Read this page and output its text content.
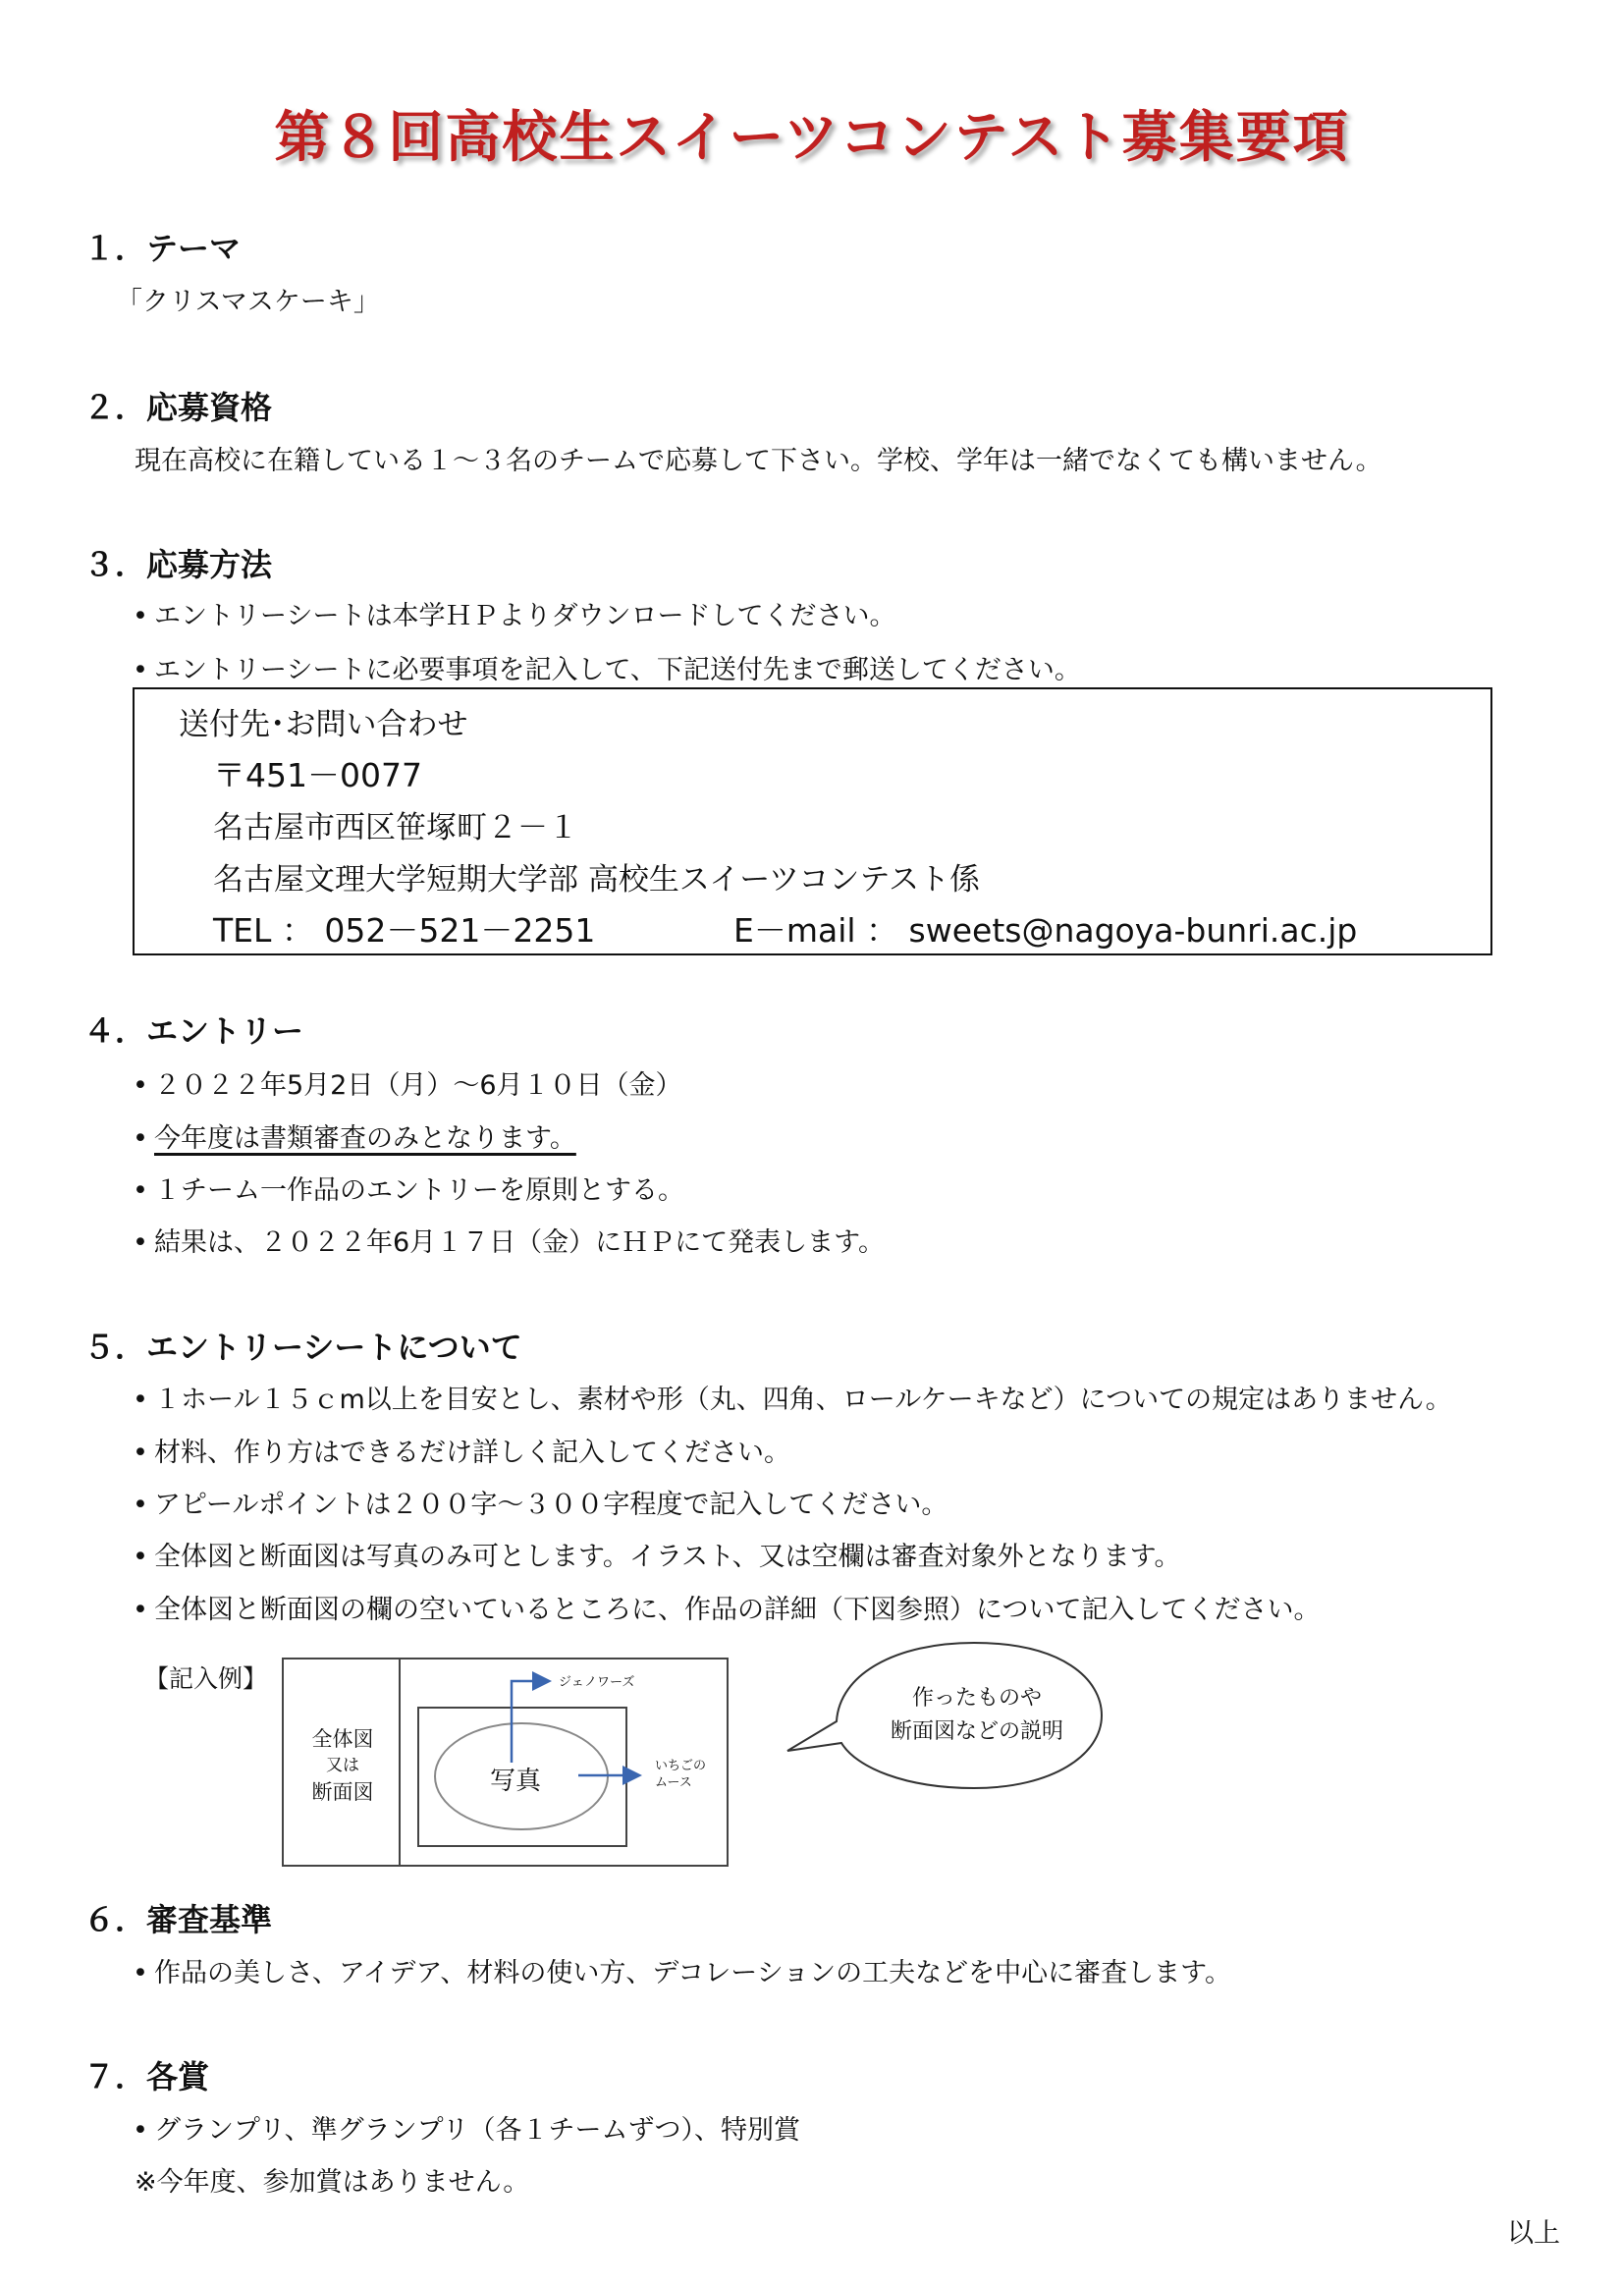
第８回高校生スイーツコンテスト募集要項
１．テーマ
「クリスマスケーキ」
２．応募資格
現在高校に在籍している１～３名のチームで応募して下さい。学校、学年は一緒でなくても構いません。
３．応募方法
• エントリーシートは本学ＨＰよりダウンロードしてください。
• エントリーシートに必要事項を記入して、下記送付先まで郵送してください。
送付先･お問い合わせ
〒451－0077
名古屋市西区笹塚町２－１
名古屋文理大学短期大学部 高校生スイーツコンテスト係
TEL ： 052－521－2251	E－mail ： sweets@nagoya-bunri.ac.jp
４．エントリー
• ２０２２年5月2日（月）～6月１０日（金）
• 今年度は書類審査のみとなります。
• １チーム一作品のエントリーを原則とする。
• 結果は、２０２２年6月１７日（金）にＨＰにて発表します。
５．エントリーシートについて
• １ホール１５ｃm以上を目安とし、素材や形（丸、四角、ロールケーキなど）についての規定はありません。
• 材料、作り方はできるだけ詳しく記入してください。
• アピールポイントは２００字～３００字程度で記入してください。
• 全体図と断面図は写真のみ可とします。イラスト、又は空欄は審査対象外となります。
• 全体図と断面図の欄の空いているところに、作品の詳細（下図参照）について記入してください。
【記入例】
全体図
又は
断面図	写真
ジェノワーズ
いちごの
ムース
作ったものや
断面図などの説明
６．審査基準
• 作品の美しさ、アイデア、材料の使い方、デコレーションの工夫などを中心に審査します。
７．各賞
• グランプリ、準グランプリ（各１チームずつ）、特別賞
※今年度、参加賞はありません。
以上
